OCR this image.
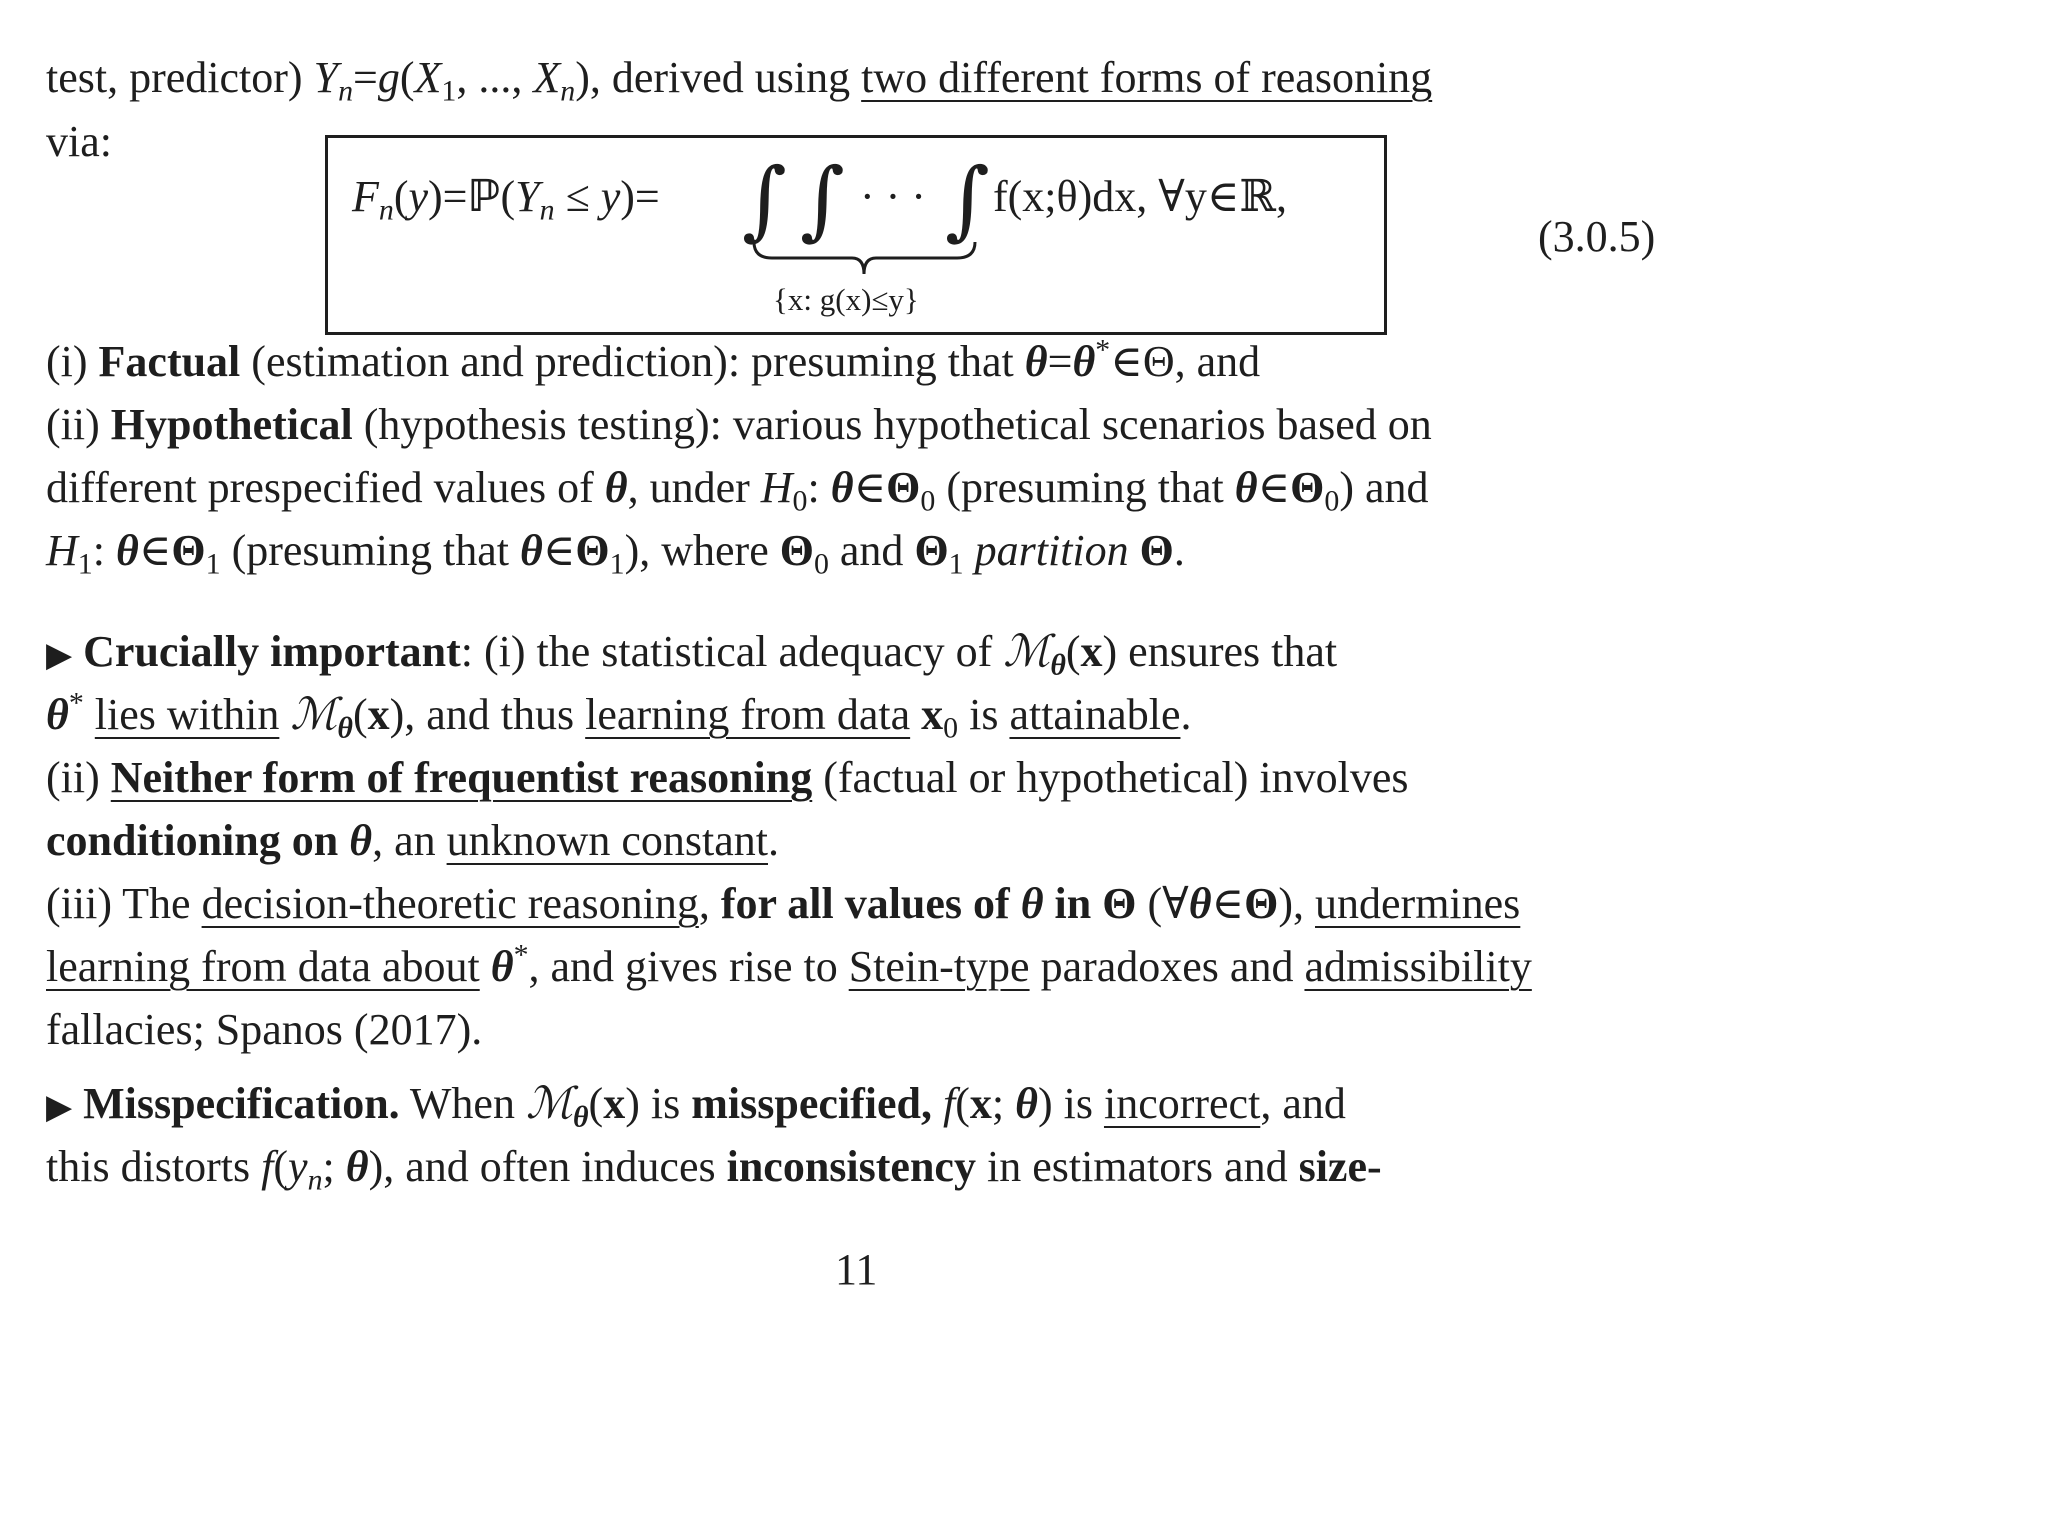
test, predictor) $Y_n=g(X_1$, ..., $X_n$), derived using two different forms of reasoning
via:
$F_n(y)=ℙ(Y_n \le y)=$ ∫ ∫ · · · ∫ f(x;θ)dx, ∀y∈ℝ,
{x: g(x)≤y}
(3.0.5)
(i) Factual (estimation and prediction): presuming that θ=θ*∈Θ, and
(ii) Hypothetical (hypothesis testing): various hypothetical scenarios based on
different prespecified values of θ, under $H_0$: $\theta\in\Theta_0$ (presuming that $\theta\in\Theta_0$) and
$H_1$: $\theta\in\Theta_1$ (presuming that $\theta\in\Theta_1$), where $\Theta_0$ and $\Theta_1$ partition Θ.
▶ Crucially important: (i) the statistical adequacy of ℳ$_\theta$(x) ensures that
θ* lies within ℳ$_\theta$(x), and thus learning from data $x_0$ is attainable.
(ii) Neither form of frequentist reasoning (factual or hypothetical) involves
conditioning on θ, an unknown constant.
(iii) The decision-theoretic reasoning, for all values of θ in Θ (∀θ∈Θ), undermines
learning from data about θ*, and gives rise to Stein-type paradoxes and admissibility
fallacies; Spanos (2017).
▶ Misspecification. When ℳ$_\theta$(x) is misspecified, f(x; θ) is incorrect, and
this distorts $f(y_n$; θ), and often induces inconsistency in estimators and size-
11
